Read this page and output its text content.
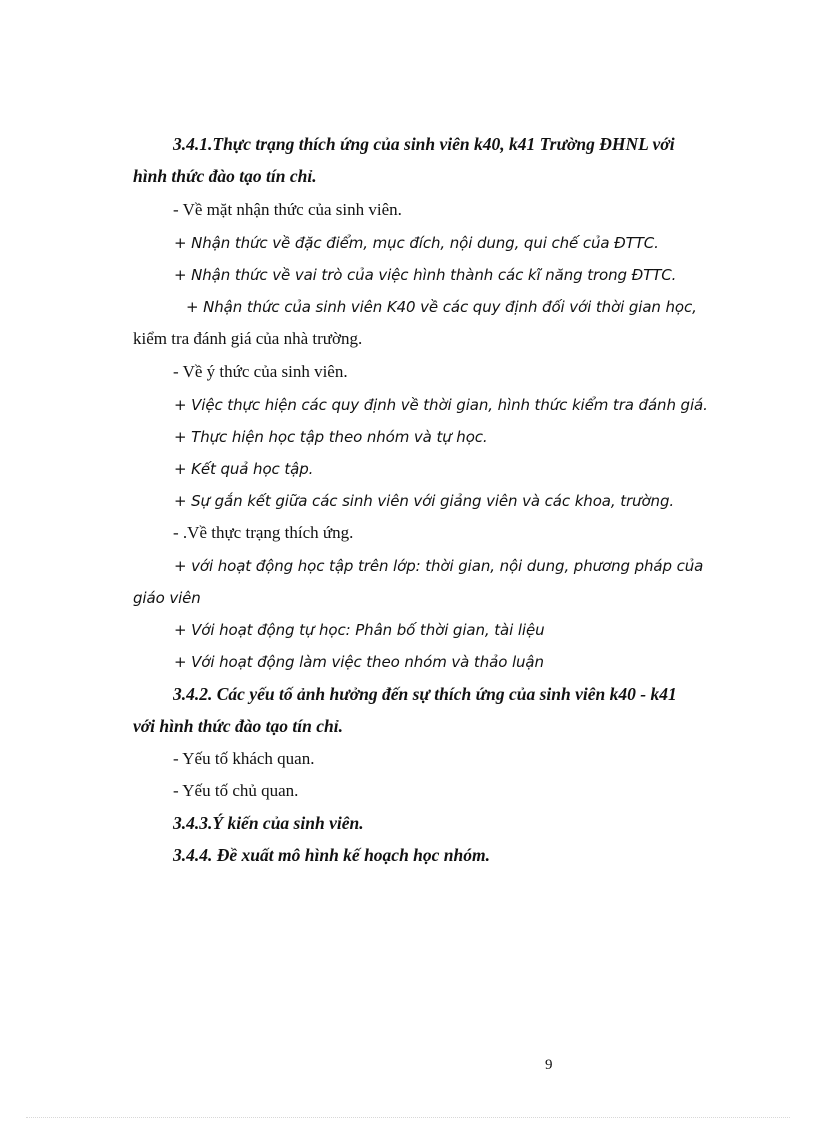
3.4.1.Thực trạng thích ứng của sinh viên k40, k41 Trường ĐHNL với
hình thức đào tạo tín chỉ.
- Về mặt nhận thức của sinh viên.
+ Nhận thức về đặc điểm, mục đích, nội dung, qui chế của ĐTTC.
+ Nhận thức về vai trò của việc hình thành các kĩ năng trong ĐTTC.
+ Nhận thức của sinh viên K40 về các quy định đối với thời gian học,
kiểm tra đánh giá của nhà trường.
- Về ý thức của sinh viên.
+ Việc thực hiện các quy định về thời gian, hình thức kiểm tra đánh giá.
+ Thực hiện học tập theo nhóm và tự học.
+ Kết quả học tập.
+ Sự gắn kết giữa các sinh viên với giảng viên và các khoa, trường.
- .Về thực trạng thích ứng.
+ với hoạt động học tập trên lớp: thời gian, nội dung, phương pháp của
giáo viên
+ Với hoạt động tự học: Phân bố thời gian, tài liệu
+ Với hoạt động làm việc theo nhóm và thảo luận
3.4.2. Các yếu tố ảnh hưởng đến sự thích ứng của sinh viên k40 - k41
với hình thức đào tạo tín chỉ.
- Yếu tố khách quan.
- Yếu tố chủ quan.
3.4.3.Ý kiến của sinh viên.
3.4.4. Đề xuất mô hình kế hoạch học nhóm.
9
